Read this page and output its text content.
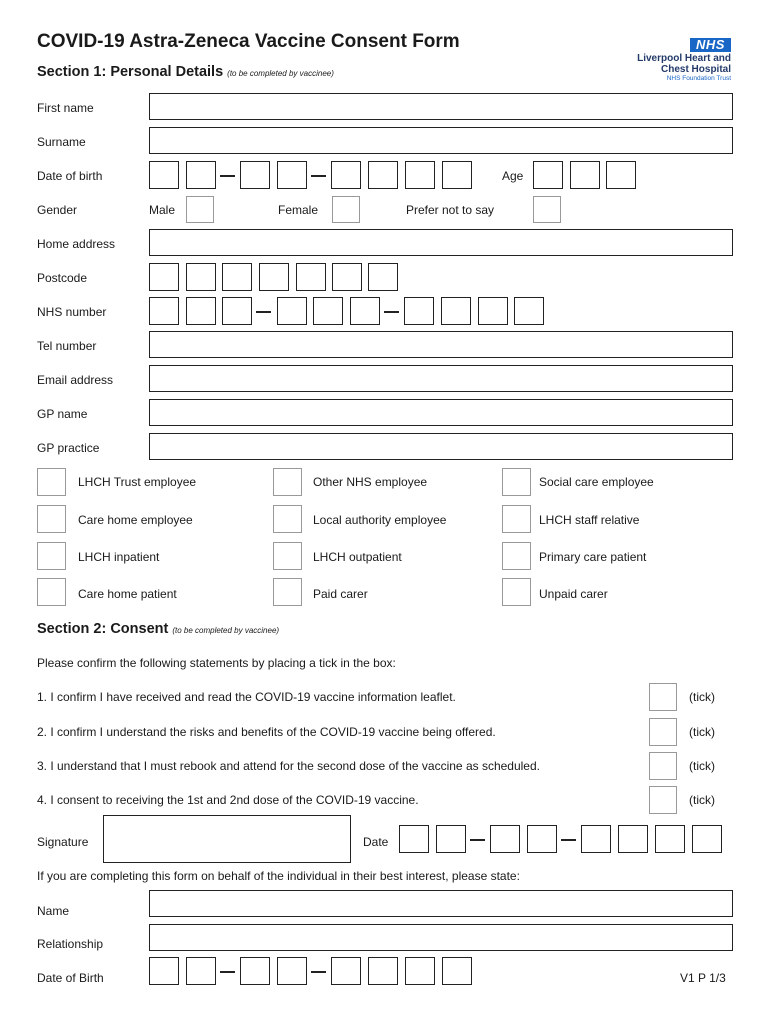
COVID-19 Astra-Zeneca Vaccine Consent Form	NHS
Liverpool Heart and
Chest Hospital
NHS Foundation Trust
Section 1: Personal Details (to be completed by vaccinee)
First name
Surname
Date of birth	Age
Gender	Male	Female	Prefer not to say
Home address
Postcode
NHS number
Tel number
Email address
GP name
GP practice
LHCH Trust employee	Other NHS employee	Social care employee
Care home employee	Local authority employee	LHCH staff relative
LHCH inpatient	LHCH outpatient	Primary care patient
Care home patient	Paid carer	Unpaid carer
Section 2: Consent (to be completed by vaccinee)
Please confirm the following statements by placing a tick in the box:
1. I confirm I have received and read the COVID-19 vaccine information leaflet.	(tick)
2. I confirm I understand the risks and benefits of the COVID-19 vaccine being offered.	(tick)
3. I understand that I must rebook and attend for the second dose of the vaccine as scheduled.	(tick)
4. I consent to receiving the 1st and 2nd dose of the COVID-19 vaccine.	(tick)
Signature	Date
If you are completing this form on behalf of the individual in their best interest, please state:
Name
Relationship
Date of Birth	V1 P 1/3
